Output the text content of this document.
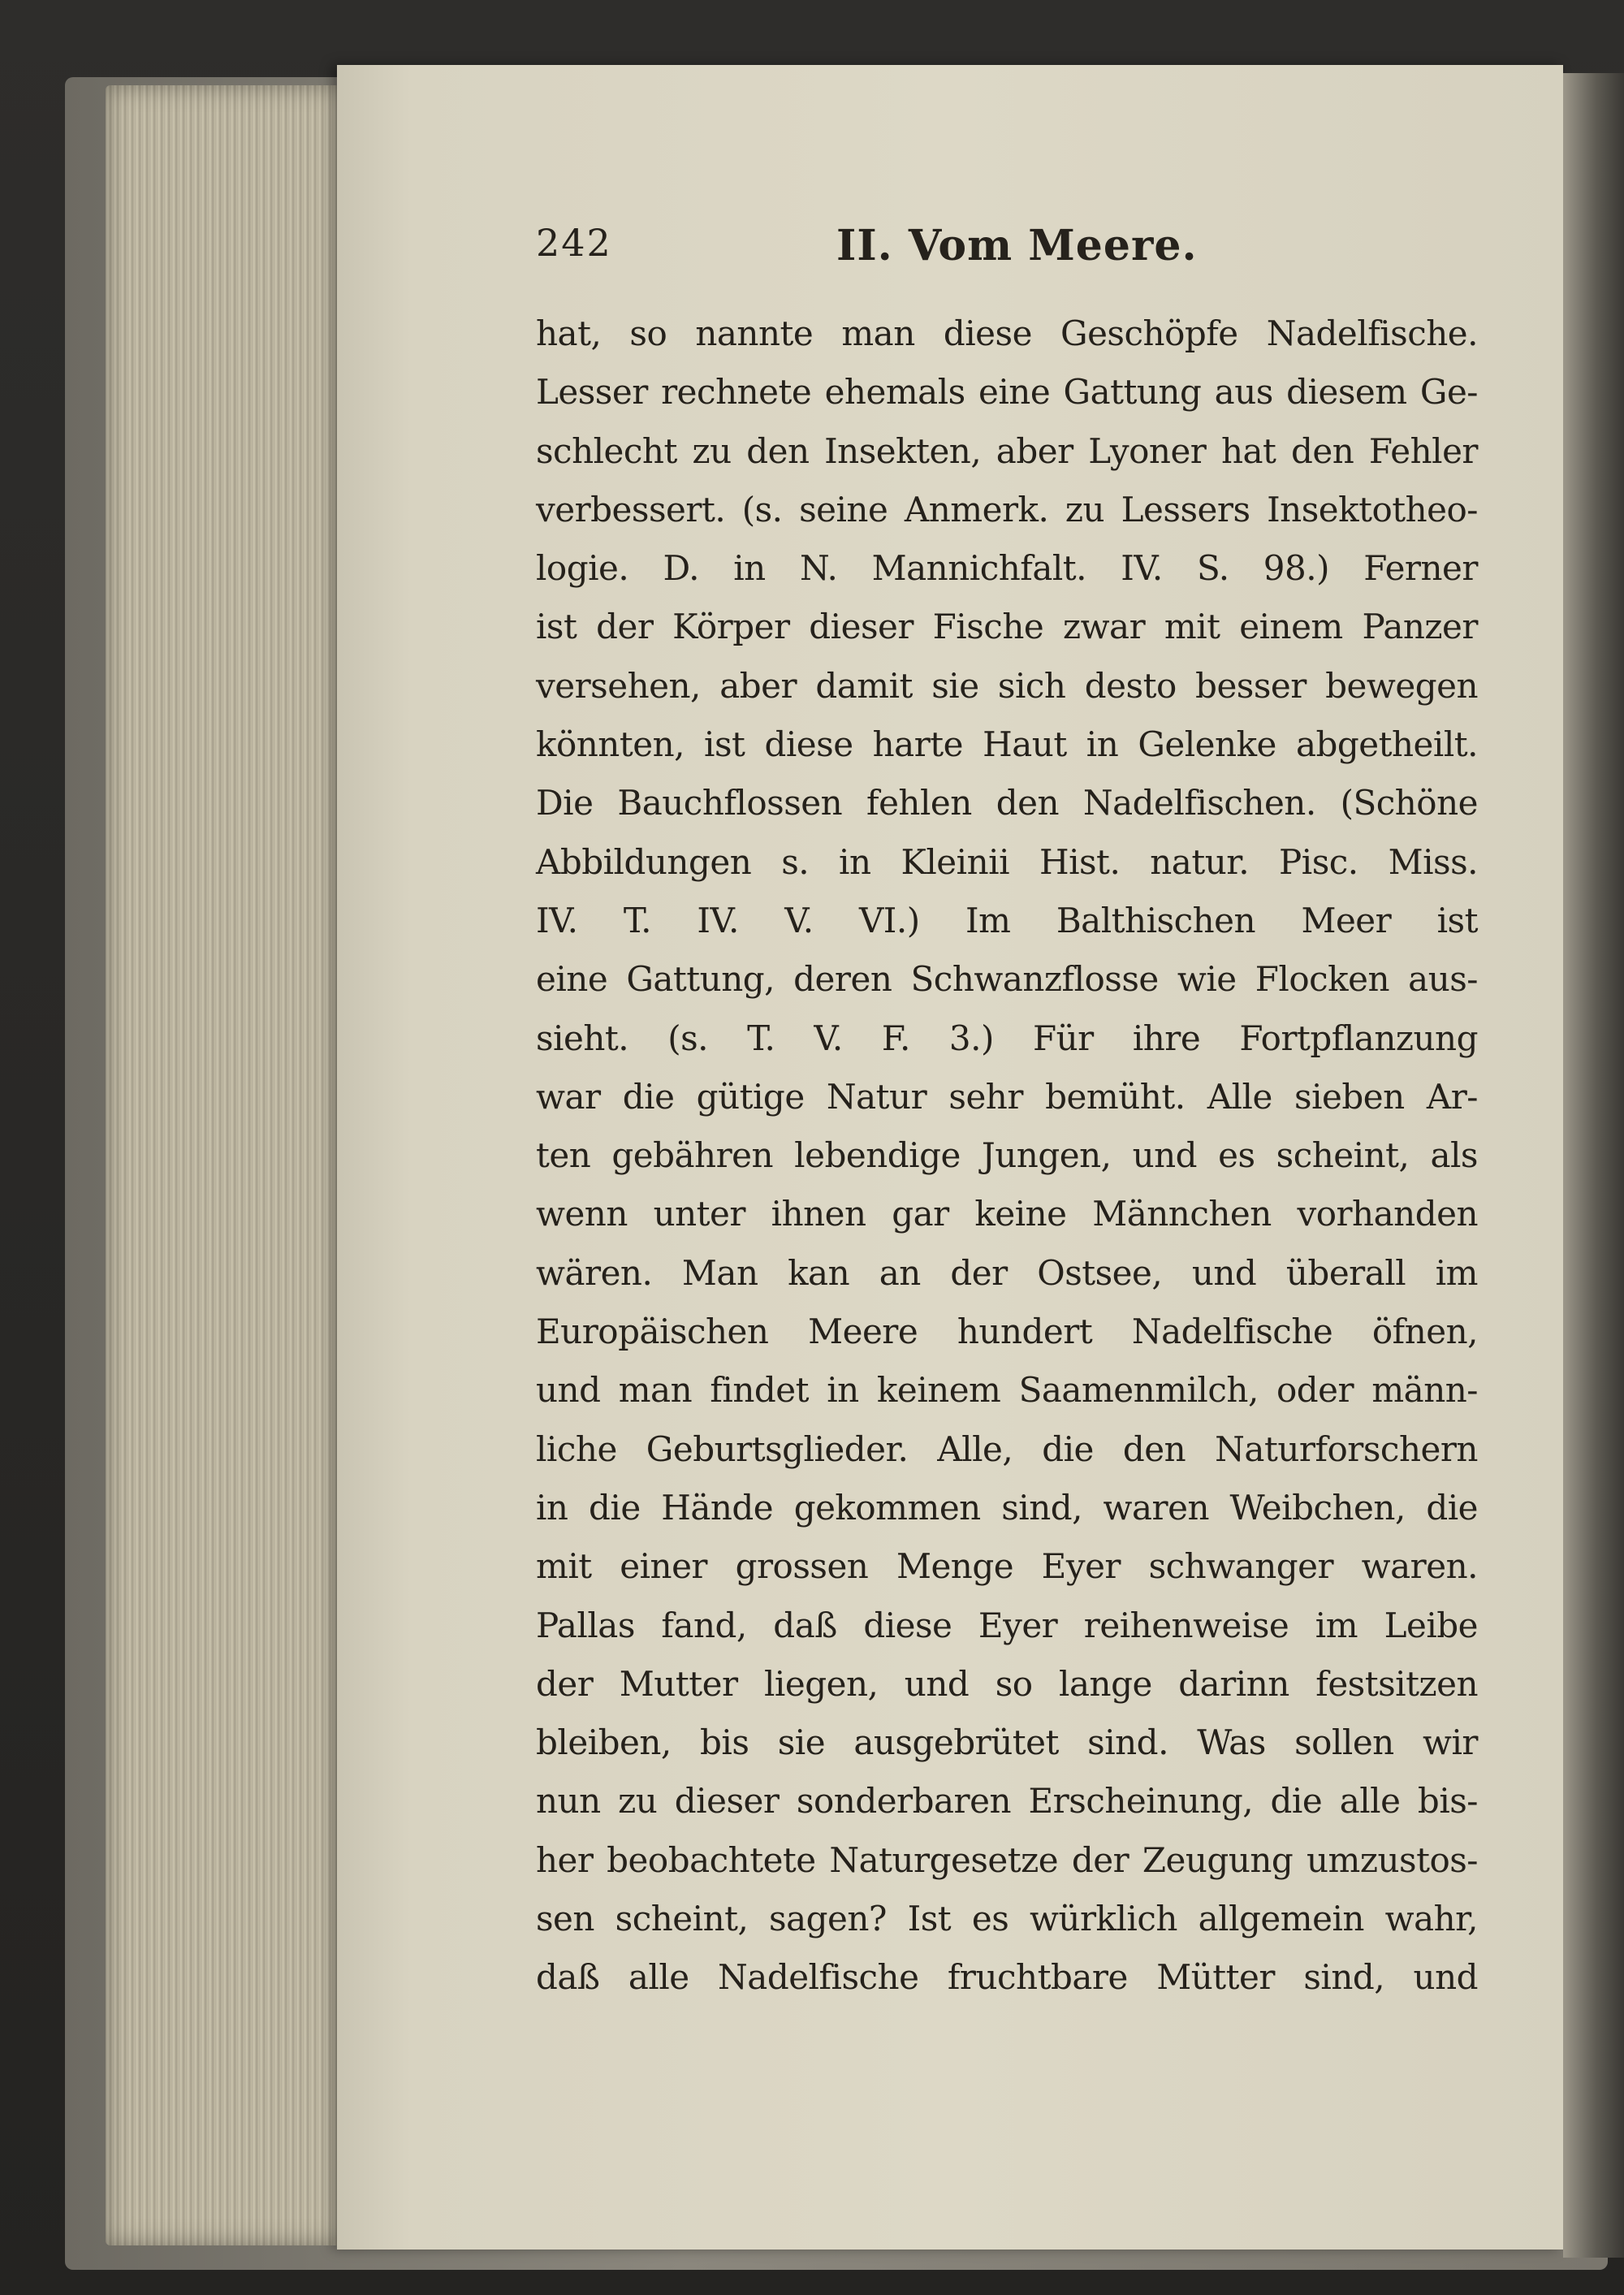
242	II. Vom Meere.
hat, so nannte man diese Geschöpfe Nadelfische.
Lesser rechnete ehemals eine Gattung aus diesem Ge-
schlecht zu den Insekten, aber Lyoner hat den Fehler
verbessert. (s. seine Anmerk. zu Lessers Insektotheo-
logie. D. in N. Mannichfalt. IV. S. 98.) Ferner
ist der Körper dieser Fische zwar mit einem Panzer
versehen, aber damit sie sich desto besser bewegen
könnten, ist diese harte Haut in Gelenke abgetheilt.
Die Bauchflossen fehlen den Nadelfischen. (Schöne
Abbildungen s. in Kleinii Hist. natur. Pisc. Miss.
IV. T. IV. V. VI.) Im Balthischen Meer ist
eine Gattung, deren Schwanzflosse wie Flocken aus-
sieht. (s. T. V. F. 3.) Für ihre Fortpflanzung
war die gütige Natur sehr bemüht. Alle sieben Ar-
ten gebähren lebendige Jungen, und es scheint, als
wenn unter ihnen gar keine Männchen vorhanden
wären. Man kan an der Ostsee, und überall im
Europäischen Meere hundert Nadelfische öfnen,
und man findet in keinem Saamenmilch, oder männ-
liche Geburtsglieder. Alle, die den Naturforschern
in die Hände gekommen sind, waren Weibchen, die
mit einer grossen Menge Eyer schwanger waren.
Pallas fand, daß diese Eyer reihenweise im Leibe
der Mutter liegen, und so lange darinn festsitzen
bleiben, bis sie ausgebrütet sind. Was sollen wir
nun zu dieser sonderbaren Erscheinung, die alle bis-
her beobachtete Naturgesetze der Zeugung umzustos-
sen scheint, sagen? Ist es würklich allgemein wahr,
daß alle Nadelfische fruchtbare Mütter sind, und
